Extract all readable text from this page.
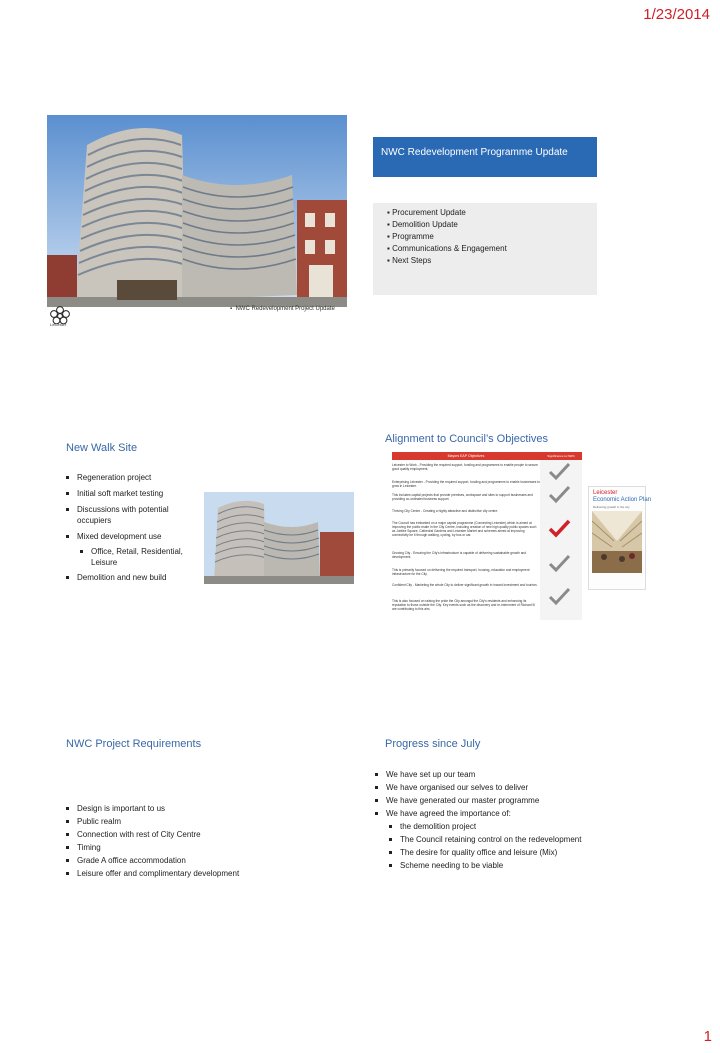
1/23/2014
NWC Redevelopment Programme Update
▪ Procurement Update
▪ Demolition Update
▪ Programme
▪ Communications & Engagement
▪ Next Steps
Leicester
▪  NWC Redevelopment Project Update
New Walk Site
Regeneration project
Initial soft market testing
Discussions with potential
occupiers
Mixed development use
Office, Retail, Residential,
Leisure
Demolition and new build
Alignment to Council’s Objectives
Mayors EAP Objectives	Significance to NWC
Leicester to Work - Providing the required support, funding and programmes to enable people to secure good quality employment.
Enterprising Leicester - Providing the required support, funding and programmes to enable businesses to grow in Leicester.
This includes capital projects that provide premises, workspace and sites to support businesses and providing co-ordinated business support.
Thriving City Centre - Creating a highly attractive and distinctive city centre.
The Council has embarked on a major capital programme (Connecting Leicester) which is aimed at improving the public realm in the City Centre, including creation of new high quality public spaces such as Jubilee Square, Cathedral Gardens and Leicester Market and schemes aimed at improving connectivity be it through walking, cycling, by bus or car.
Growing City - Ensuring the City's infrastructure is capable of delivering sustainable growth and development.
This is primarily focused on delivering the required transport, housing, education and employment infrastructure for the City.
Confident City - Marketing the whole City to deliver significant growth in inward investment and tourism.
This is also focused on raising the pride the City amongst the City's residents and enhancing its reputation to those outside the City. Key events such as the discovery and re-internment of Richard III are contributing to this aim.
Leicester
Economic Action Plan
Delivering growth in the city
NWC Project Requirements
Design is important to us
Public realm
Connection with rest of City Centre
Timing
Grade A office accommodation
Leisure offer and complimentary development
Progress since July
We have set up our team
We have organised our selves to deliver
We have generated our master programme
We have agreed the importance of:
the demolition project
The Council retaining control on the redevelopment
The desire for quality office and leisure (Mix)
Scheme needing to be viable
1
